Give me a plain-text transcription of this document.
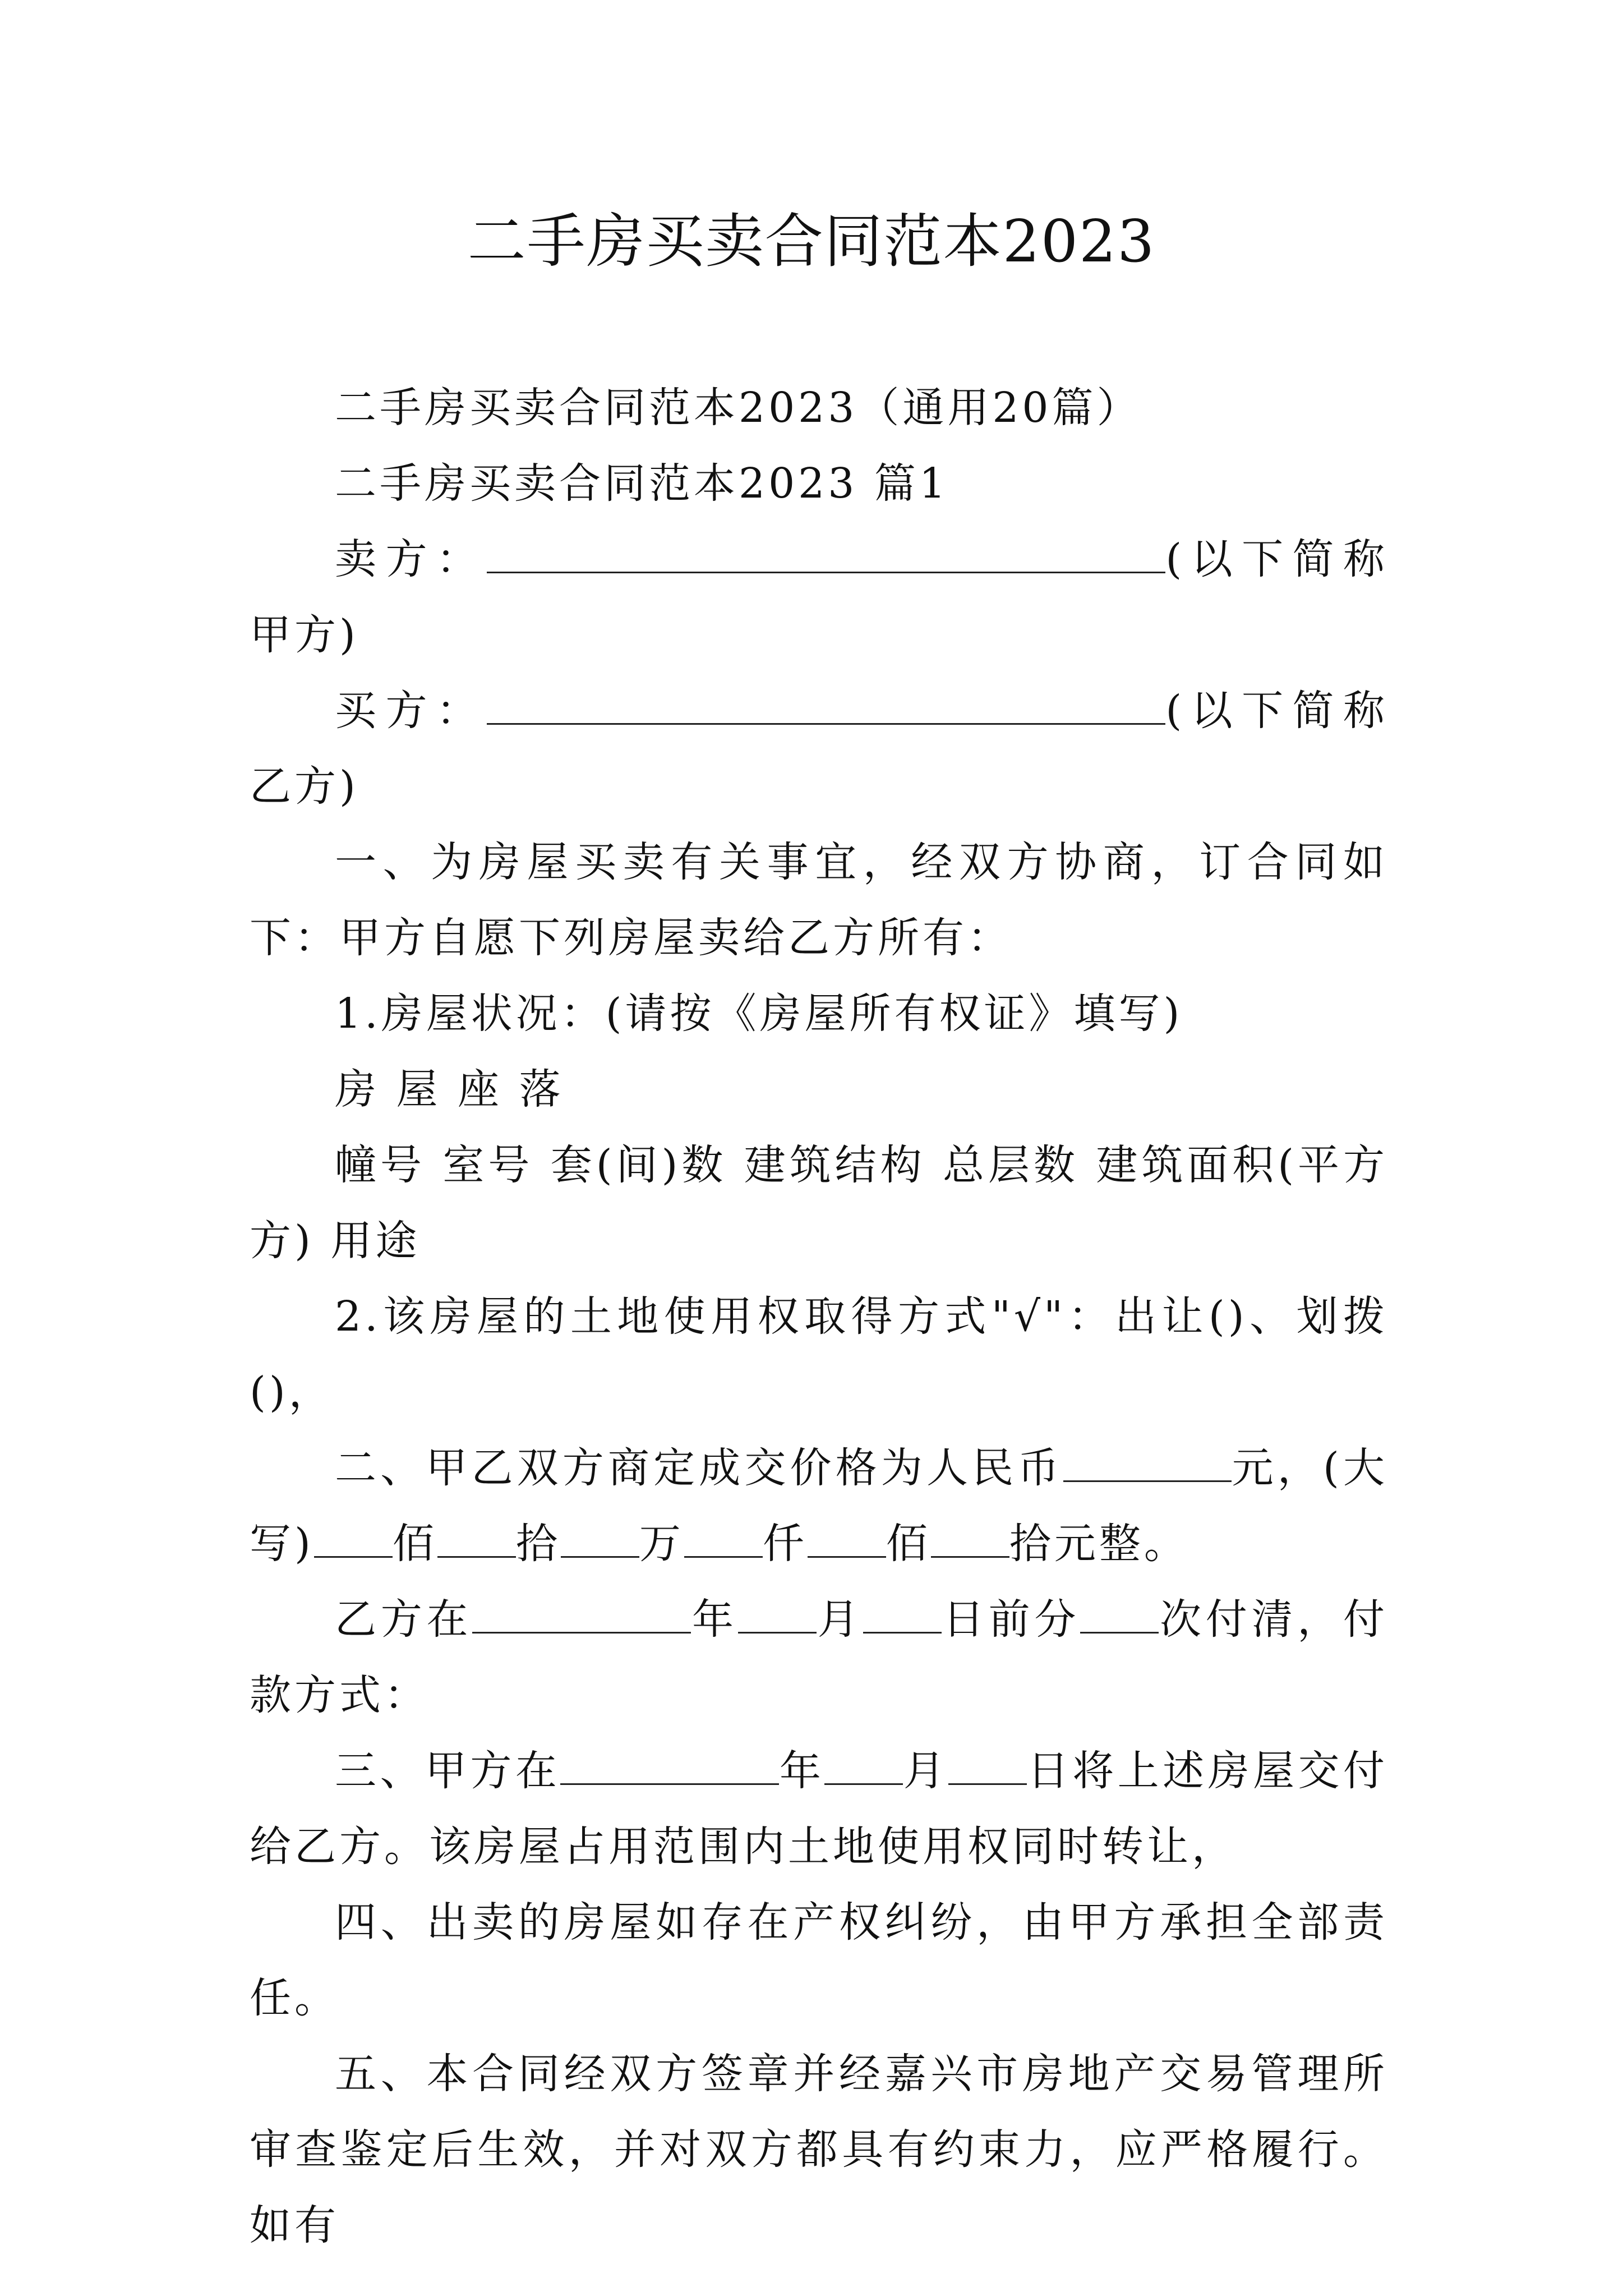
二手房买卖合同范本2023

二手房买卖合同范本2023（通用20篇）

二手房买卖合同范本2023 篇1

卖方：	(以下简称甲方)

买方：	(以下简称乙方)

一、为房屋买卖有关事宜，经双方协商，订合同如下：甲方自愿下列房屋卖给乙方所有：

1.房屋状况：(请按《房屋所有权证》填写)

房 屋 座 落

幢号 室号 套(间)数 建筑结构 总层数 建筑面积(平方方) 用途

2.该房屋的土地使用权取得方式"√"：出让()、划拨()，

二、甲乙双方商定成交价格为人民币	元，(大写) 佰 拾 万 仟 佰 拾元整。

乙方在	年 月 日前分 次付清，付款方式：

三、甲方在	年 月 日将上述房屋交付给乙方。该房屋占用范围内土地使用权同时转让，

四、出卖的房屋如存在产权纠纷，由甲方承担全部责任。

五、本合同经双方签章并经嘉兴市房地产交易管理所审查鉴定后生效，并对双方都具有约束力，应严格履行。如有
